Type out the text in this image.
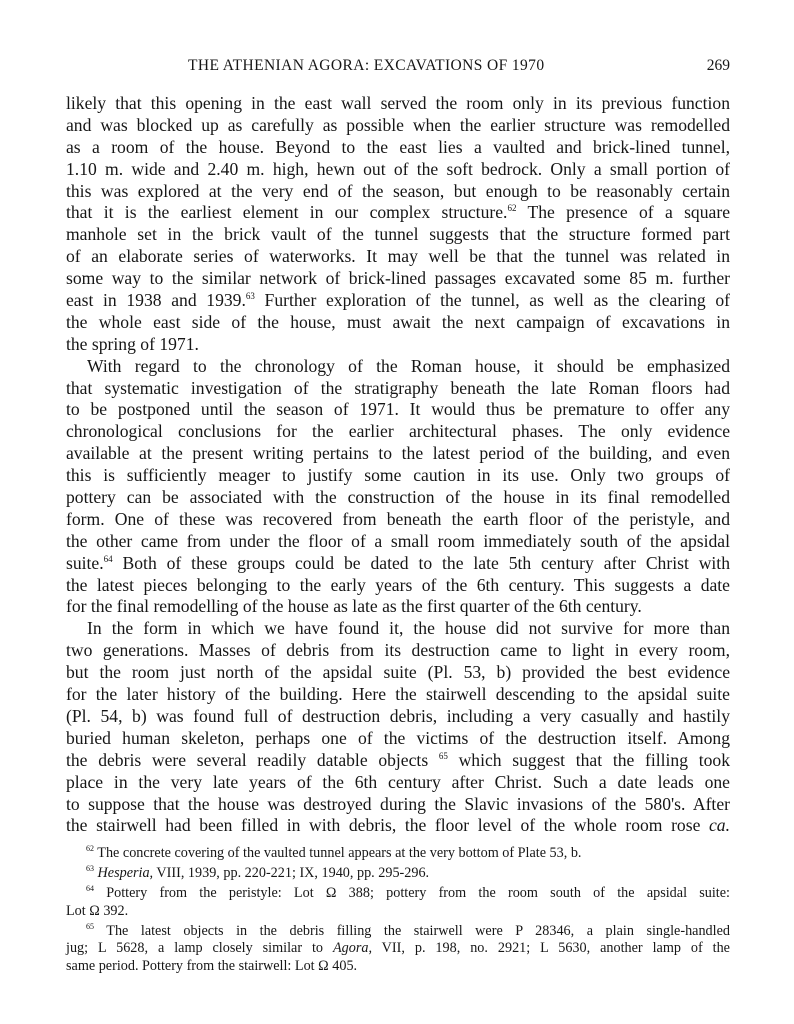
THE ATHENIAN AGORA: EXCAVATIONS OF 1970	269

likely that this opening in the east wall served the room only in its previous function
and was blocked up as carefully as possible when the earlier structure was remodelled
as a room of the house. Beyond to the east lies a vaulted and brick-lined tunnel,
1.10 m. wide and 2.40 m. high, hewn out of the soft bedrock. Only a small portion of
this was explored at the very end of the season, but enough to be reasonably certain
that it is the earliest element in our complex structure.$^{62}$ The presence of a square
manhole set in the brick vault of the tunnel suggests that the structure formed part
of an elaborate series of waterworks. It may well be that the tunnel was related in
some way to the similar network of brick-lined passages excavated some 85 m. further
east in 1938 and 1939.63 Further exploration of the tunnel, as well as the clearing of
the whole east side of the house, must await the next campaign of excavations in
the spring of 1971.

With regard to the chronology of the Roman house, it should be emphasized
that systematic investigation of the stratigraphy beneath the late Roman floors had
to be postponed until the season of 1971. It would thus be premature to offer any
chronological conclusions for the earlier architectural phases. The only evidence
available at the present writing pertains to the latest period of the building, and even
this is sufficiently meager to justify some caution in its use. Only two groups of
pottery can be associated with the construction of the house in its final remodelled
form. One of these was recovered from beneath the earth floor of the peristyle, and
the other came from under the floor of a small room immediately south of the apsidal
suite.$^{64}$ Both of these groups could be dated to the late 5th century after Christ with
the latest pieces belonging to the early years of the 6th century. This suggests a date
for the final remodelling of the house as late as the first quarter of the 6th century.

In the form in which we have found it, the house did not survive for more than
two generations. Masses of debris from its destruction came to light in every room,
but the room just north of the apsidal suite (Pl. 53, b) provided the best evidence
for the later history of the building. Here the stairwell descending to the apsidal suite
(Pl. 54, b) was found full of destruction debris, including a very casually and hastily
buried human skeleton, perhaps one of the victims of the destruction itself. Among
the debris were several readily datable objects $^{65}$ which suggest that the filling took
place in the very late years of the 6th century after Christ. Such a date leads one
to suppose that the house was destroyed during the Slavic invasions of the 580's. After
the stairwell had been filled in with debris, the floor level of the whole room rose ca.

$^{62}$ The concrete covering of the vaulted tunnel appears at the very bottom of Plate 53, b.
$^{63}$ Hesperia, VIII, 1939, pp. 220-221; IX, 1940, pp. 295-296.
$^{64}$ Pottery from the peristyle: Lot Ω 388; pottery from the room south of the apsidal suite:
Lot Ω 392.
$^{65}$ The latest objects in the debris filling the stairwell were P 28346, a plain single-handled
jug; L 5628, a lamp closely similar to Agora, VII, p. 198, no. 2921; L 5630, another lamp of the
same period. Pottery from the stairwell: Lot Ω 405.
